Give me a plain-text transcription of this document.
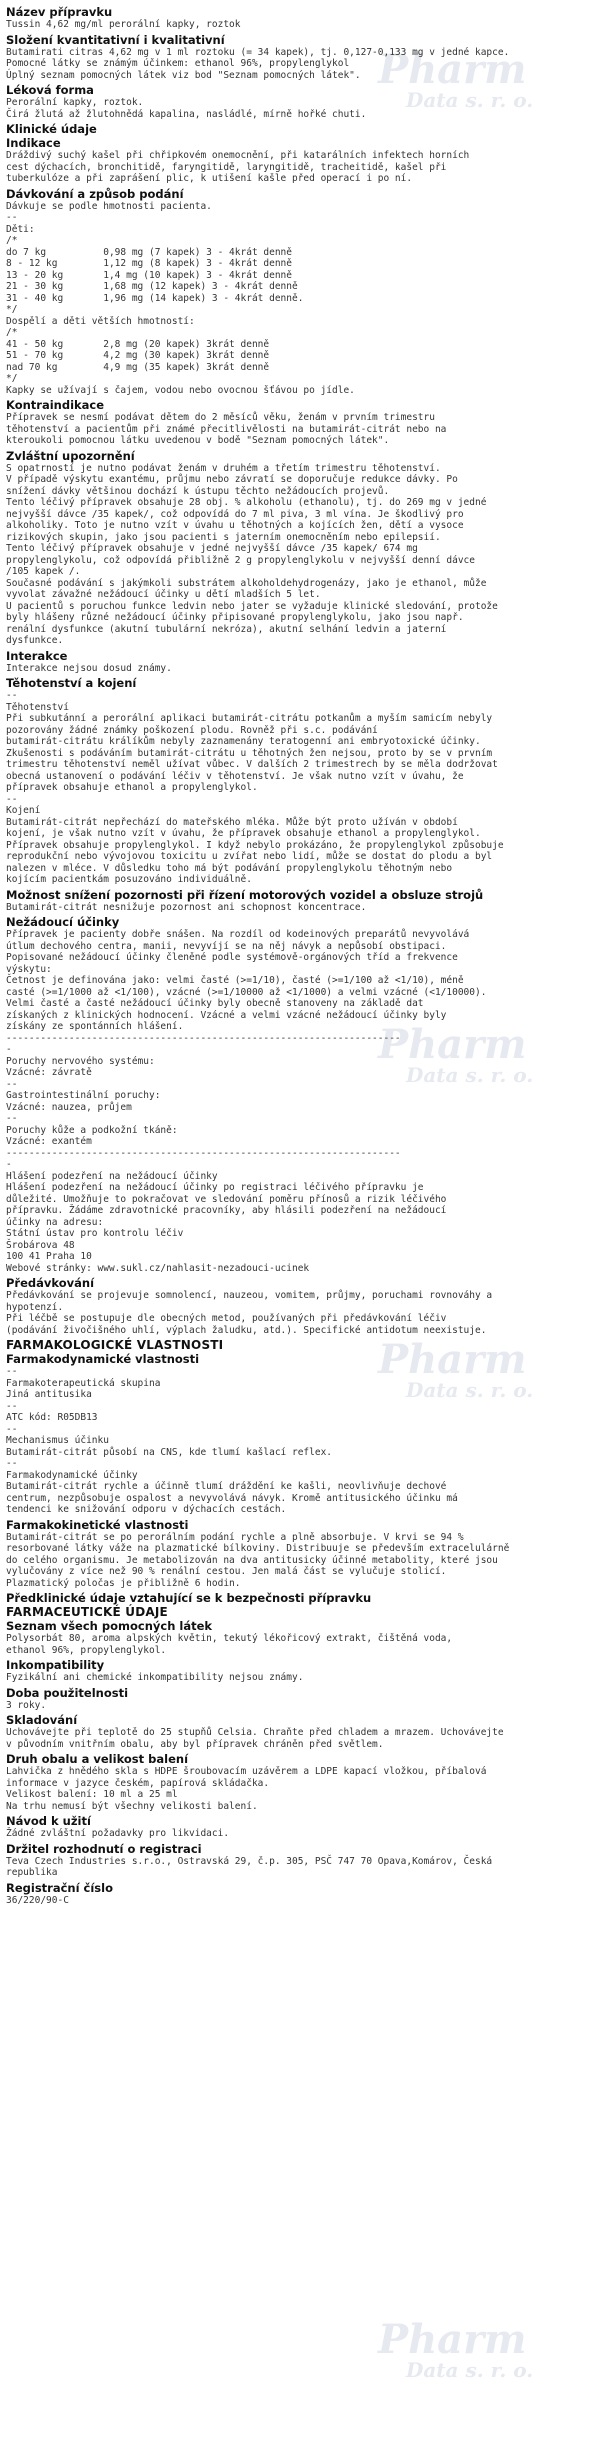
Pharm
Data s. r. o.
Pharm
Data s. r. o.
Pharm
Data s. r. o.
Pharm
Data s. r. o.
Název přípravku
Tussin 4,62 mg/ml perorální kapky, roztok
Složení kvantitativní i kvalitativní
Butamirati citras 4,62 mg v 1 ml roztoku (= 34 kapek), tj. 0,127-0,133 mg v jedné kapce.
Pomocné látky se známým účinkem: ethanol 96%, propylenglykol
Úplný seznam pomocných látek viz bod "Seznam pomocných látek".
Léková forma
Perorální kapky, roztok.
Čirá žlutá až žlutohnědá kapalina, nasládlé, mírně hořké chuti.
Klinické údaje
Indikace
Dráždivý suchý kašel při chřipkovém onemocnění, při katarálních infektech horních
cest dýchacích, bronchitidě, faryngitidě, laryngitidě, tracheitidě, kašel při
tuberkulóze a při zaprášení plic, k utišení kašle před operací i po ní.
Dávkování a způsob podání
Dávkuje se podle hmotnosti pacienta.
--
Děti:
/*
do 7 kg          0,98 mg (7 kapek) 3 - 4krát denně
8 - 12 kg        1,12 mg (8 kapek) 3 - 4krát denně
13 - 20 kg       1,4 mg (10 kapek) 3 - 4krát denně
21 - 30 kg       1,68 mg (12 kapek) 3 - 4krát denně
31 - 40 kg       1,96 mg (14 kapek) 3 - 4krát denně.
*/
Dospělí a děti větších hmotností:
/*
41 - 50 kg       2,8 mg (20 kapek) 3krát denně
51 - 70 kg       4,2 mg (30 kapek) 3krát denně
nad 70 kg        4,9 mg (35 kapek) 3krát denně
*/
Kapky se užívají s čajem, vodou nebo ovocnou šťávou po jídle.
Kontraindikace
Přípravek se nesmí podávat dětem do 2 měsíců věku, ženám v prvním trimestru
těhotenství a pacientům při známé přecitlivělosti na butamirát-citrát nebo na
kteroukoli pomocnou látku uvedenou v bodě "Seznam pomocných látek".
Zvláštní upozornění
S opatrností je nutno podávat ženám v druhém a třetím trimestru těhotenství.
V případě výskytu exantému, průjmu nebo závratí se doporučuje redukce dávky. Po
snížení dávky většinou dochází k ústupu těchto nežádoucích projevů.
Tento léčivý přípravek obsahuje 28 obj. % alkoholu (ethanolu), tj. do 269 mg v jedné
nejvyšší dávce /35 kapek/, což odpovídá do 7 ml piva, 3 ml vína. Je škodlivý pro
alkoholiky. Toto je nutno vzít v úvahu u těhotných a kojících žen, dětí a vysoce
rizikových skupin, jako jsou pacienti s jaterním onemocněním nebo epilepsií.
Tento léčivý přípravek obsahuje v jedné nejvyšší dávce /35 kapek/ 674 mg
propylenglykolu, což odpovídá přibližně 2 g propylenglykolu v nejvyšší denní dávce
/105 kapek /.
Současné podávání s jakýmkoli substrátem alkoholdehydrogenázy, jako je ethanol, může
vyvolat závažné nežádoucí účinky u dětí mladších 5 let.
U pacientů s poruchou funkce ledvin nebo jater se vyžaduje klinické sledování, protože
byly hlášeny různé nežádoucí účinky připisované propylenglykolu, jako jsou např.
renální dysfunkce (akutní tubulární nekróza), akutní selhání ledvin a jaterní
dysfunkce.
Interakce
Interakce nejsou dosud známy.
Těhotenství a kojení
--
Těhotenství
Při subkutánní a perorální aplikaci butamirát-citrátu potkanům a myším samicím nebyly
pozorovány žádné známky poškození plodu. Rovněž při s.c. podávání
butamirát-citrátu králíkům nebyly zaznamenány teratogenní ani embryotoxické účinky.
Zkušenosti s podáváním butamirát-citrátu u těhotných žen nejsou, proto by se v prvním
trimestru těhotenství neměl užívat vůbec. V dalších 2 trimestrech by se měla dodržovat
obecná ustanovení o podávání léčiv v těhotenství. Je však nutno vzít v úvahu, že
přípravek obsahuje ethanol a propylenglykol.
--
Kojení
Butamirát-citrát nepřechází do mateřského mléka. Může být proto užíván v období
kojení, je však nutno vzít v úvahu, že přípravek obsahuje ethanol a propylenglykol.
Přípravek obsahuje propylenglykol. I když nebylo prokázáno, že propylenglykol způsobuje
reprodukční nebo vývojovou toxicitu u zvířat nebo lidí, může se dostat do plodu a byl
nalezen v mléce. V důsledku toho má být podávání propylenglykolu těhotným nebo
kojícím pacientkám posuzováno individuálně.
Možnost snížení pozornosti při řízení motorových vozidel a obsluze strojů
Butamirát-citrát nesnižuje pozornost ani schopnost koncentrace.
Nežádoucí účinky
Přípravek je pacienty dobře snášen. Na rozdíl od kodeinových preparátů nevyvolává
útlum dechového centra, manii, nevyvíjí se na něj návyk a nepůsobí obstipaci.
Popisované nežádoucí účinky členěné podle systémově-orgánových tříd a frekvence
výskytu:
Četnost je definována jako: velmi časté (>=1/10), časté (>=1/100 až <1/10), méně
casté (>=1/1000 až <1/100), vzácné (>=1/10000 až <1/1000) a velmi vzácné (<1/10000).
Velmi časté a časté nežádoucí účinky byly obecně stanoveny na základě dat
získaných z klinických hodnocení. Vzácné a velmi vzácné nežádoucí účinky byly
získány ze spontánních hlášení.
---------------------------------------------------------------------
-
Poruchy nervového systému:
Vzácné: závratě
--
Gastrointestinální poruchy:
Vzácné: nauzea, průjem
--
Poruchy kůže a podkožní tkáně:
Vzácné: exantém
---------------------------------------------------------------------
-
Hlášení podezření na nežádoucí účinky
Hlášení podezření na nežádoucí účinky po registraci léčivého přípravku je
důležité. Umožňuje to pokračovat ve sledování poměru přínosů a rizik léčivého
přípravku. Žádáme zdravotnické pracovníky, aby hlásili podezření na nežádoucí
účinky na adresu:
Státní ústav pro kontrolu léčiv
Šrobárova 48
100 41 Praha 10
Webové stránky: www.sukl.cz/nahlasit-nezadouci-ucinek
Předávkování
Předávkování se projevuje somnolencí, nauzeou, vomitem, průjmy, poruchami rovnováhy a
hypotenzí.
Při léčbě se postupuje dle obecných metod, používaných při předávkování léčiv
(podávání živočišného uhlí, výplach žaludku, atd.). Specifické antidotum neexistuje.
FARMAKOLOGICKÉ VLASTNOSTI
Farmakodynamické vlastnosti
--
Farmakoterapeutická skupina
Jiná antitusika
--
ATC kód: R05DB13
--
Mechanismus účinku
Butamirát-citrát působí na CNS, kde tlumí kašlací reflex.
--
Farmakodynamické účinky
Butamirát-citrát rychle a účinně tlumí dráždění ke kašli, neovlivňuje dechové
centrum, nezpůsobuje ospalost a nevyvolává návyk. Kromě antitusického účinku má
tendenci ke snižování odporu v dýchacích cestách.
Farmakokinetické vlastnosti
Butamirát-citrát se po perorálním podání rychle a plně absorbuje. V krvi se 94 %
resorbované látky váže na plazmatické bílkoviny. Distribuuje se především extracelulárně
do celého organismu. Je metabolizován na dva antitusicky účinné metabolity, které jsou
vylučovány z více než 90 % renální cestou. Jen malá část se vylučuje stolicí.
Plazmatický poločas je přibližně 6 hodin.
Předklinické údaje vztahující se k bezpečnosti přípravku
FARMACEUTICKÉ ÚDAJE
Seznam všech pomocných látek
Polysorbát 80, aroma alpských květin, tekutý lékořicový extrakt, čištěná voda,
ethanol 96%, propylenglykol.
Inkompatibility
Fyzikální ani chemické inkompatibility nejsou známy.
Doba použitelnosti
3 roky.
Skladování
Uchovávejte při teplotě do 25 stupňů Celsia. Chraňte před chladem a mrazem. Uchovávejte
v původním vnitřním obalu, aby byl přípravek chráněn před světlem.
Druh obalu a velikost balení
Lahvička z hnědého skla s HDPE šroubovacím uzávěrem a LDPE kapací vložkou, příbalová
informace v jazyce českém, papírová skládačka.
Velikost balení: 10 ml a 25 ml
Na trhu nemusí být všechny velikosti balení.
Návod k užití
Žádné zvláštní požadavky pro likvidaci.
Držitel rozhodnutí o registraci
Teva Czech Industries s.r.o., Ostravská 29, č.p. 305, PSČ 747 70 Opava,Komárov, Česká
republika
Registrační číslo
36/220/90-C
